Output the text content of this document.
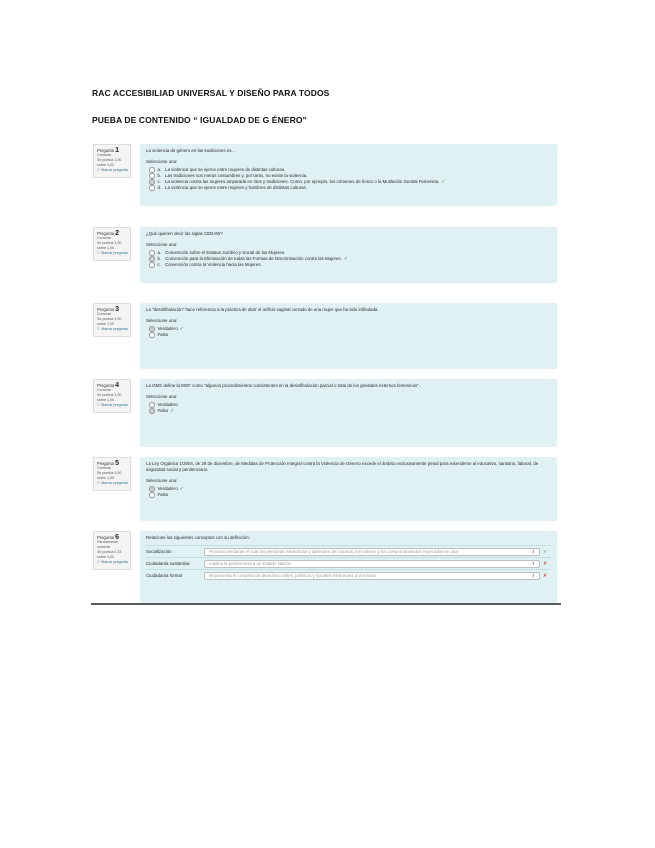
RAC ACCESIBILIAD UNIVERSAL Y DISEÑO PARA TODOS
PUEBA DE CONTENIDO “ IGUALDAD DE G ÉNERO”
Pregunta 1
Correcta
Se puntúa 1,00 sobre 1,00
⚐ Marcar pregunta
La violencia de género en las tradiciones es...
Seleccione una:
a. La violencia que se ejerce entre mujeres de distintas culturas.
b. Las tradiciones son meras costumbres y, por tanto, no existe la violencia.
c. La violencia contra las mujeres amparada en ritos y tradiciones. Como, por ejemplo, los crímenes de honor o la Mutilación Genital Femenina. ✓
d. La violencia que se ejerce entre mujeres y hombres de distintas culturas.
Pregunta 2
Correcta
Se puntúa 1,00 sobre 1,00
⚐ Marcar pregunta
¿Qué quieren decir las siglas CEDAW?
Seleccione una:
a. Convención sobre el Estatus Jurídico y Social de las Mujeres.
b. Convención para la Eliminación de todas las Formas de Discriminación contra las Mujeres. ✓
c. Convención contra la Violencia hacia las Mujeres.
Pregunta 3
Correcta
Se puntúa 1,00 sobre 1,00
⚐ Marcar pregunta
La "desinfibulación" hace referencia a la práctica de abrir el orificio vaginal cerrado de una mujer que ha sido infibulada.
Seleccione una:
Verdadero ✓
Falso
Pregunta 4
Correcta
Se puntúa 1,00 sobre 1,00
⚐ Marcar pregunta
La OMS define la MGF como "algunos procedimientos consistentes en la desinfibulación parcial o total de los genitales externos femeninos".
Seleccione una:
Verdadero
Falso ✓
Pregunta 5
Correcta
Se puntúa 1,00 sobre 1,00
⚐ Marcar pregunta
La Ley Orgánica 1/2004, de 28 de diciembre, de Medidas de Protección Integral contra la Violencia de Género excede el ámbito exclusivamente penal para extenderse al educativo, sanitario, laboral, de seguridad social y penitenciario.
Seleccione una:
Verdadero ✓
Falso
Pregunta 6
Parcialmente correcta
Se puntúa 0,33 sobre 1,00
⚐ Marcar pregunta
Relacione los siguientes conceptos con su definición:
Socialización	Proceso mediante el cual las personas interiorizan y aprenden las normas, los valores y los comportamientos esperados en una	⬍ ✓
Ciudadanía sustantiva	Implica la pertenencia a un Estado Nación	⬍ ✗
Ciudadanía formal	Representa el conjunto de derechos civiles, políticos y sociales inherentes a la misma	⬍ ✗
